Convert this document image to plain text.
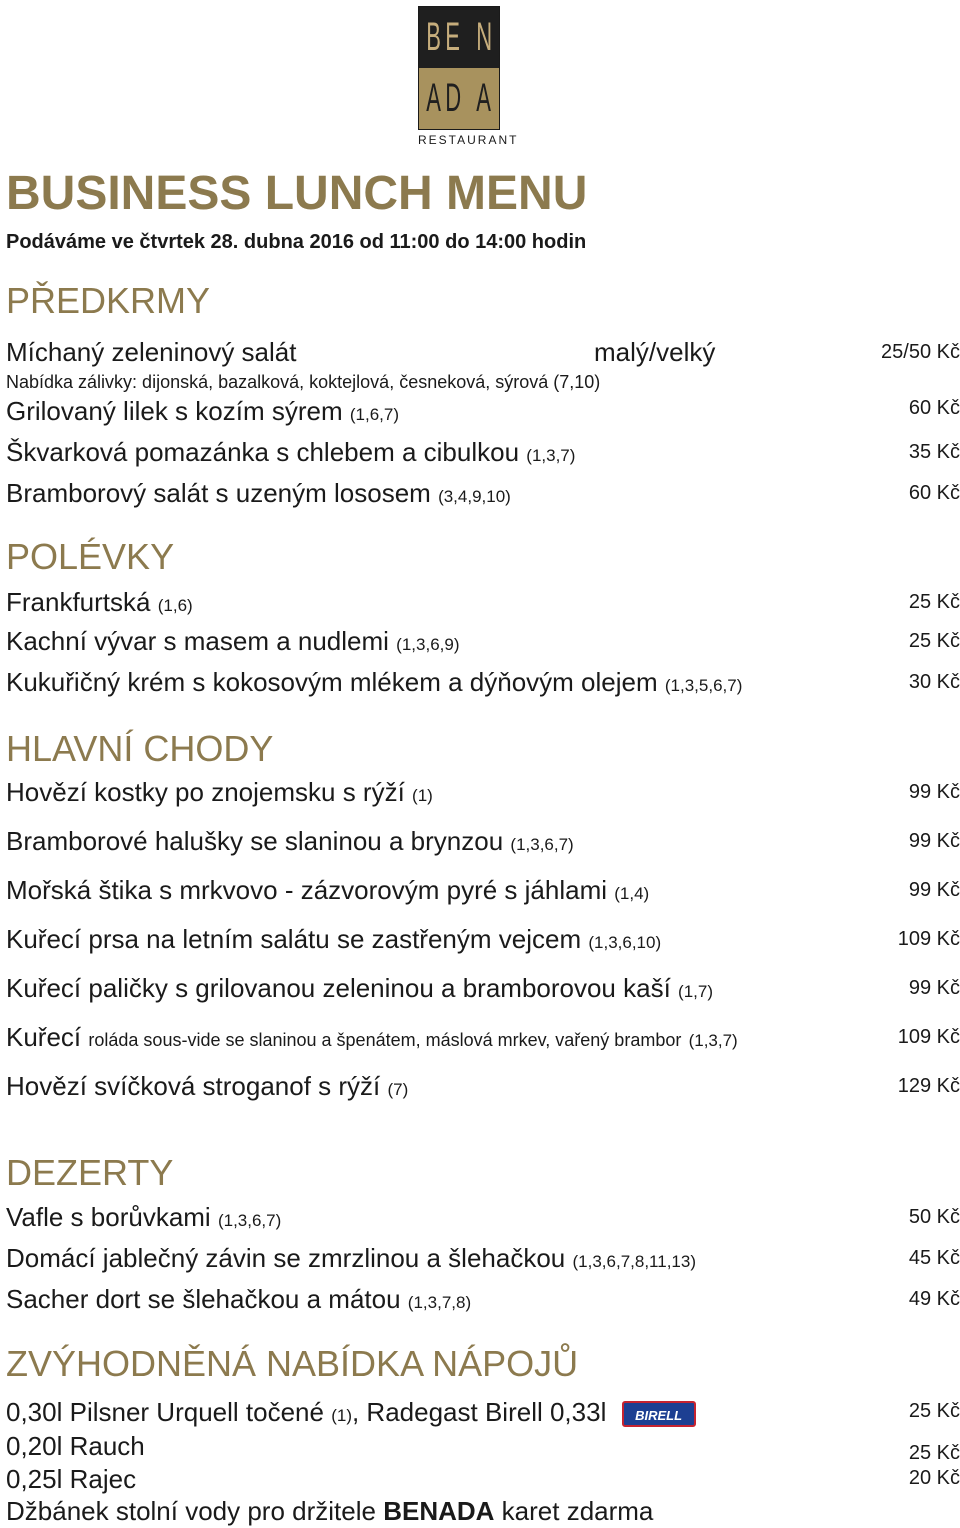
B E N
A D A
RESTAURANT
BUSINESS LUNCH MENU
Podáváme ve čtvrtek 28. dubna 2016 od 11:00 do 14:00 hodin
PŘEDKRMY
Míchaný zeleninový salát	malý/velký	25/50 Kč
Nabídka zálivky: dijonská, bazalková, koktejlová, česneková, sýrová (7,10)
Grilovaný lilek s kozím sýrem (1,6,7)	60 Kč
Škvarková pomazánka s chlebem a cibulkou (1,3,7)	35 Kč
Bramborový salát s uzeným lososem (3,4,9,10)	60 Kč
POLÉVKY
Frankfurtská (1,6)	25 Kč
Kachní vývar s masem a nudlemi (1,3,6,9)	25 Kč
Kukuřičný krém s kokosovým mlékem a dýňovým olejem (1,3,5,6,7)	30 Kč
HLAVNÍ CHODY
Hovězí kostky po znojemsku s rýží (1)	99 Kč
Bramborové halušky se slaninou a brynzou (1,3,6,7)	99 Kč
Mořská štika s mrkvovo - zázvorovým pyré s jáhlami (1,4)	99 Kč
Kuřecí prsa na letním salátu se zastřeným vejcem (1,3,6,10)	109 Kč
Kuřecí paličky s grilovanou zeleninou a bramborovou kaší (1,7)	99 Kč
Kuřecí roláda sous-vide se slaninou a špenátem, máslová mrkev, vařený brambor (1,3,7)	109 Kč
Hovězí svíčková stroganof s rýží (7)	129 Kč
DEZERTY
Vafle s borůvkami (1,3,6,7)	50 Kč
Domácí jablečný závin se zmrzlinou a šlehačkou (1,3,6,7,8,11,13)	45 Kč
Sacher dort se šlehačkou a mátou (1,3,7,8)	49 Kč
ZVÝHODNĚNÁ NABÍDKA NÁPOJŮ
0,30l Pilsner Urquell točené (1), Radegast Birell 0,33l BIRELL	25 Kč
0,20l Rauch	25 Kč
0,25l Rajec	20 Kč
Džbánek stolní vody pro držitele BENADA karet zdarma
